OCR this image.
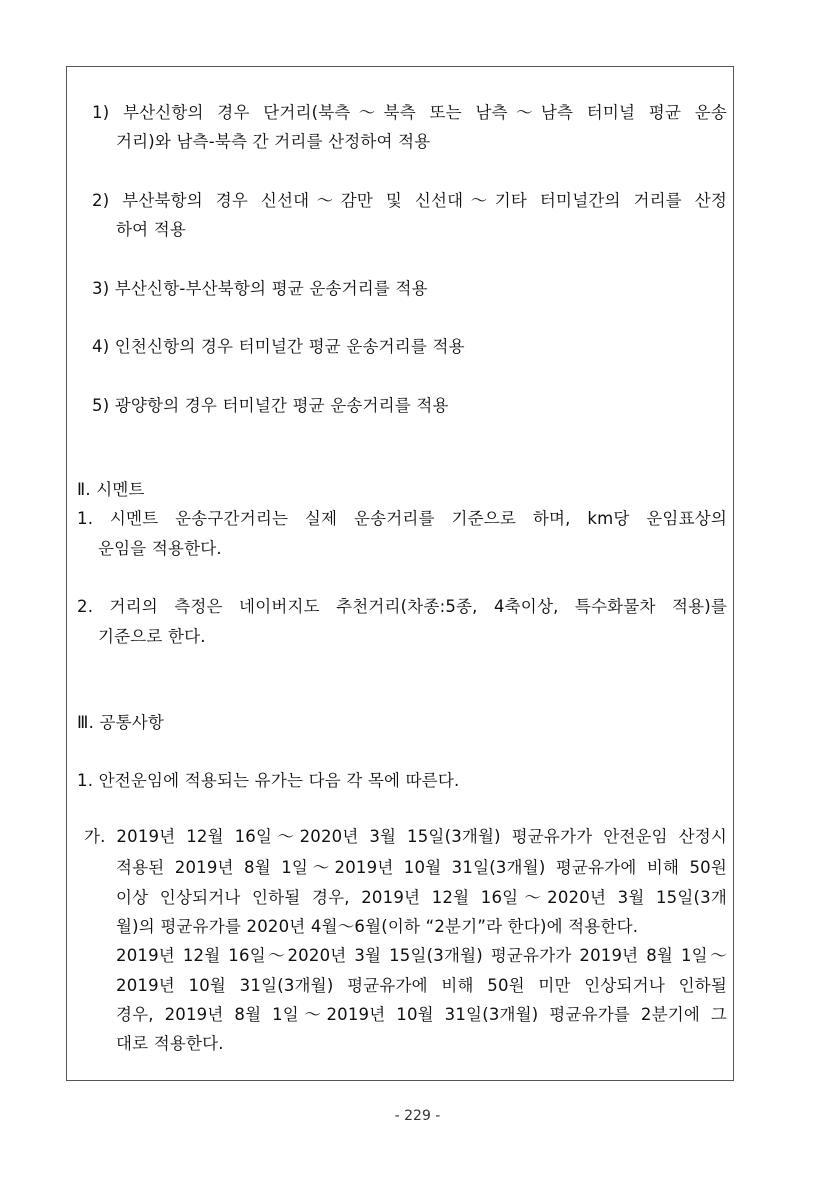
1) 부산신항의 경우 단거리(북측～북측 또는 남측～남측 터미널 평균 운송
거리)와 남측-북측 간 거리를 산정하여 적용
2) 부산북항의 경우 신선대～감만 및 신선대～기타 터미널간의 거리를 산정
하여 적용
3) 부산신항-부산북항의 평균 운송거리를 적용
4) 인천신항의 경우 터미널간 평균 운송거리를 적용
5) 광양항의 경우 터미널간 평균 운송거리를 적용
Ⅱ. 시멘트
1. 시멘트 운송구간거리는 실제 운송거리를 기준으로 하며, km당 운임표상의
운임을 적용한다.
2. 거리의 측정은 네이버지도 추천거리(차종:5종, 4축이상, 특수화물차 적용)를
기준으로 한다.
Ⅲ. 공통사항
1. 안전운임에 적용되는 유가는 다음 각 목에 따른다.
가. 2019년 12월 16일～2020년 3월 15일(3개월) 평균유가가 안전운임 산정시
적용된 2019년 8월 1일～2019년 10월 31일(3개월) 평균유가에 비해 50원
이상 인상되거나 인하될 경우, 2019년 12월 16일～2020년 3월 15일(3개
월)의 평균유가를 2020년 4월～6월(이하 “2분기”라 한다)에 적용한다.
2019년 12월 16일～2020년 3월 15일(3개월) 평균유가가 2019년 8월 1일～
2019년 10월 31일(3개월) 평균유가에 비해 50원 미만 인상되거나 인하될
경우, 2019년 8월 1일～2019년 10월 31일(3개월) 평균유가를 2분기에 그
대로 적용한다.
- 229 -
